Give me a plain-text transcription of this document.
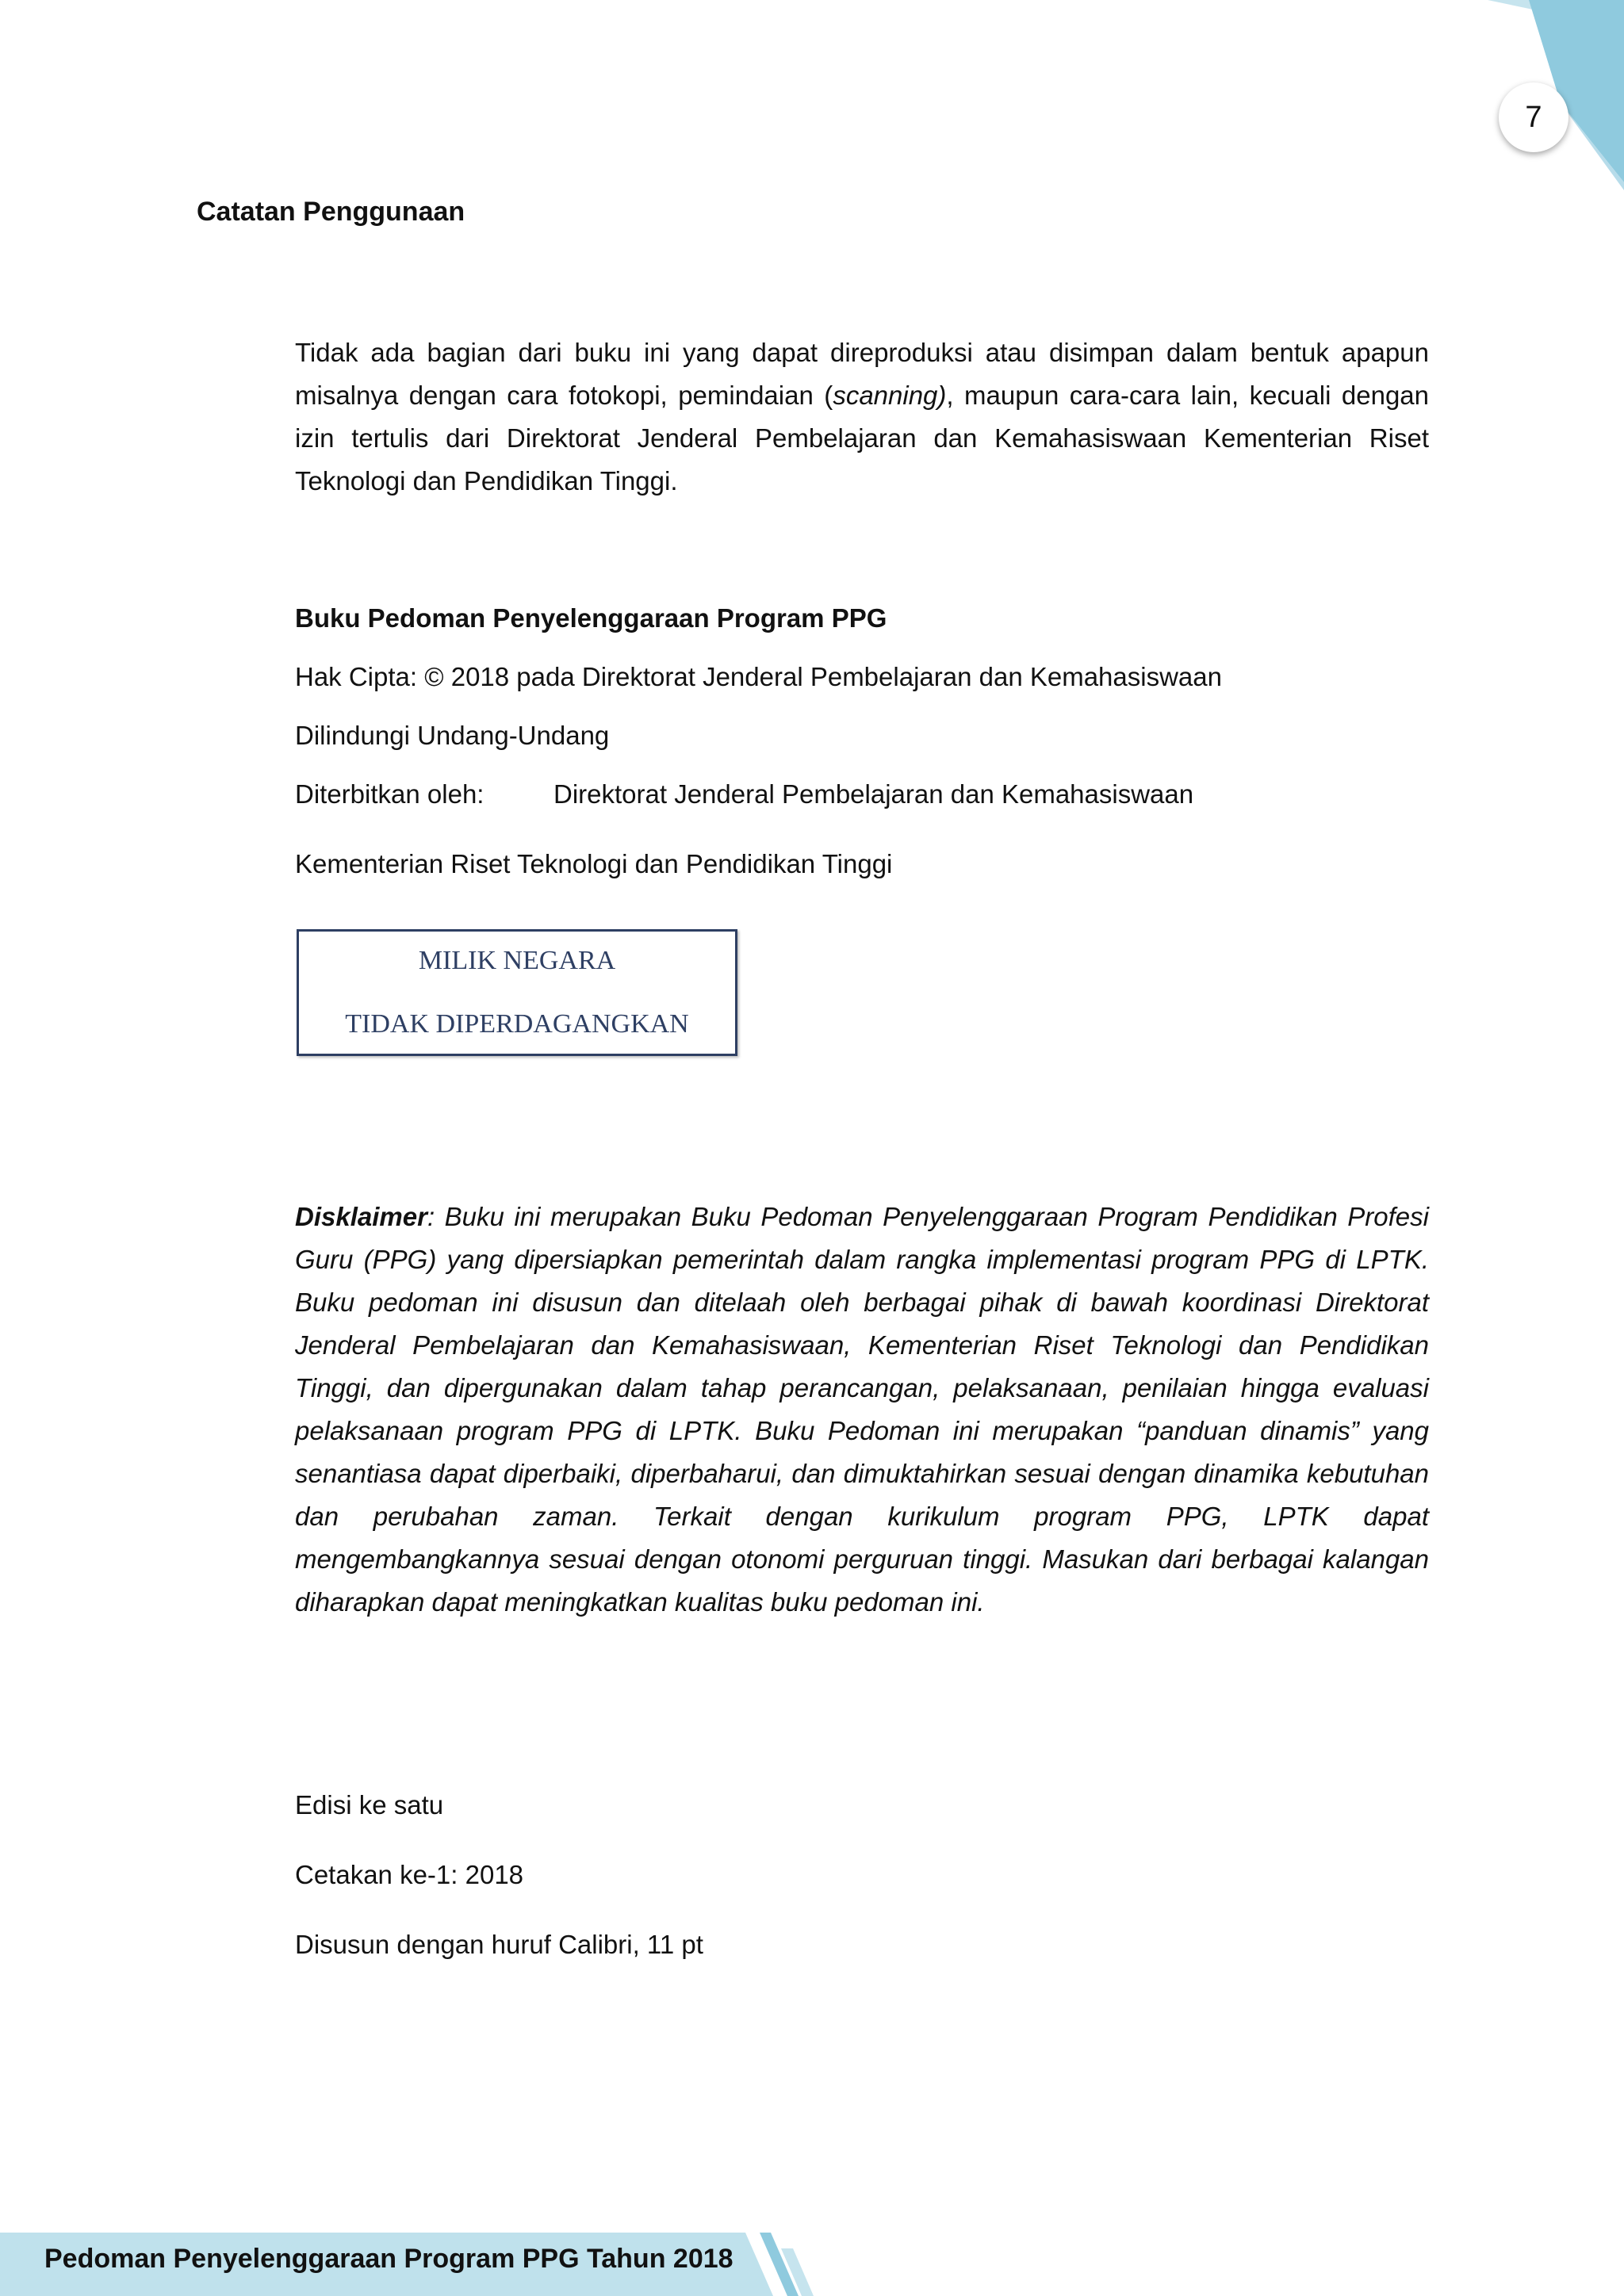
7
Catatan Penggunaan

Tidak ada bagian dari buku ini yang dapat direproduksi atau disimpan dalam bentuk apapun misalnya dengan cara fotokopi, pemindaian (scanning), maupun cara-cara lain, kecuali dengan izin tertulis dari Direktorat Jenderal Pembelajaran dan Kemahasiswaan Kementerian Riset Teknologi dan Pendidikan Tinggi.

Buku Pedoman Penyelenggaraan Program PPG
Hak Cipta: © 2018 pada Direktorat Jenderal Pembelajaran dan Kemahasiswaan
Dilindungi Undang-Undang
Diterbitkan oleh:	Direktorat Jenderal Pembelajaran dan Kemahasiswaan
Kementerian Riset Teknologi dan Pendidikan Tinggi
MILIK NEGARA
TIDAK DIPERDAGANGKAN

Disklaimer: Buku ini merupakan Buku Pedoman Penyelenggaraan Program Pendidikan Profesi Guru (PPG) yang dipersiapkan pemerintah dalam rangka implementasi program PPG di LPTK. Buku pedoman ini disusun dan ditelaah oleh berbagai pihak di bawah koordinasi Direktorat Jenderal Pembelajaran dan Kemahasiswaan, Kementerian Riset Teknologi dan Pendidikan Tinggi, dan dipergunakan dalam tahap perancangan, pelaksanaan, penilaian hingga evaluasi pelaksanaan program PPG di LPTK. Buku Pedoman ini merupakan “panduan dinamis” yang senantiasa dapat diperbaiki, diperbaharui, dan dimuktahirkan sesuai dengan dinamika kebutuhan dan perubahan zaman. Terkait dengan kurikulum program PPG, LPTK dapat mengembangkannya sesuai dengan otonomi perguruan tinggi. Masukan dari berbagai kalangan diharapkan dapat meningkatkan kualitas buku pedoman ini.

Edisi ke satu
Cetakan ke-1: 2018
Disusun dengan huruf Calibri, 11 pt
Pedoman Penyelenggaraan Program PPG Tahun 2018
